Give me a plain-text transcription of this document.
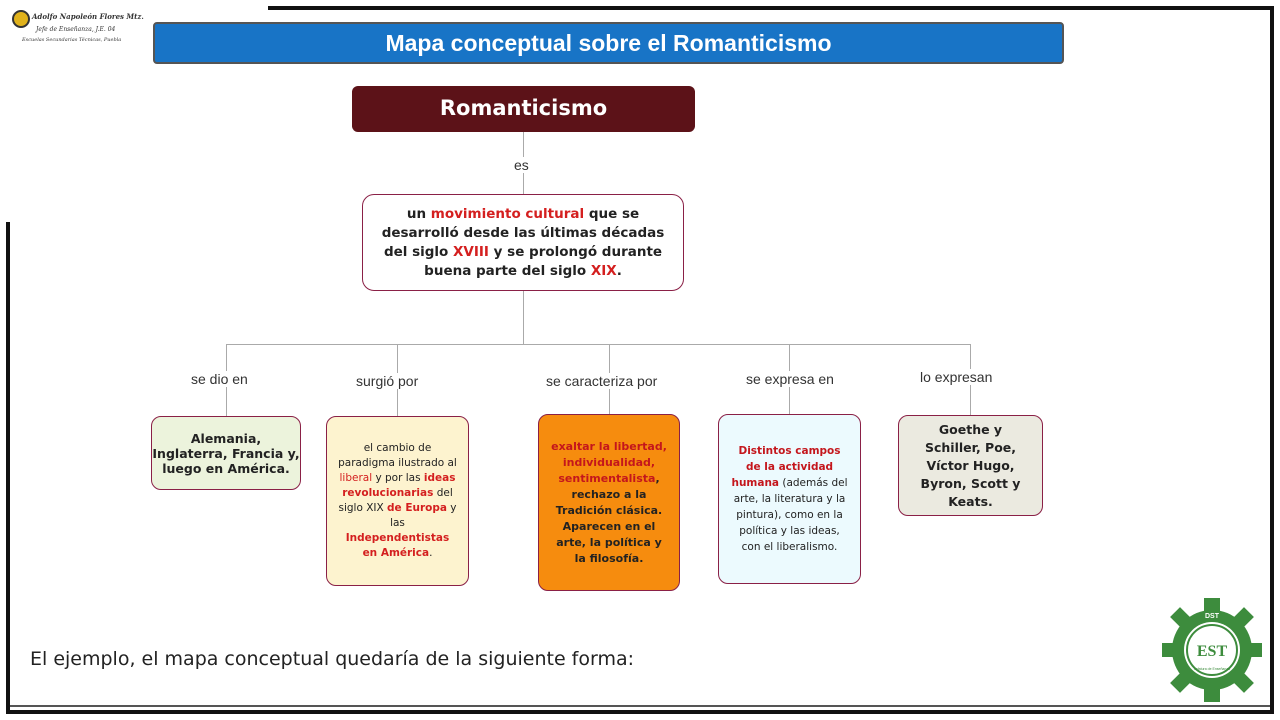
Adolfo Napoleón Flores Mtz.
Jefe de Enseñanza, J.E. 04
Escuelas Secundarias Técnicas, Puebla	Mapa conceptual sobre el Romanticismo
Romanticismo
es
se dio en	surgió por	se caracteriza por	se expresa en	lo expresan
un movimiento cultural que se desarrolló desde las últimas décadas del siglo XVIII y se prolongó durante buena parte del siglo XIX.
Alemania, Inglaterra, Francia y, luego en América.
el cambio de paradigma ilustrado al liberal y por las ideas revolucionarias del siglo XIX de Europa y las Independentistas en América.
exaltar la libertad, individualidad, sentimentalista, rechazo a la Tradición clásica. Aparecen en el arte, la política y la filosofía.
Distintos campos de la actividad humana (además del arte, la literatura y la pintura), como en la política y las ideas, con el liberalismo.
Goethe y Schiller, Poe, Víctor Hugo, Byron, Scott y Keats.
El ejemplo, el mapa conceptual quedaría de la siguiente forma:
DST
EST
Jefatura de Enseñanza
